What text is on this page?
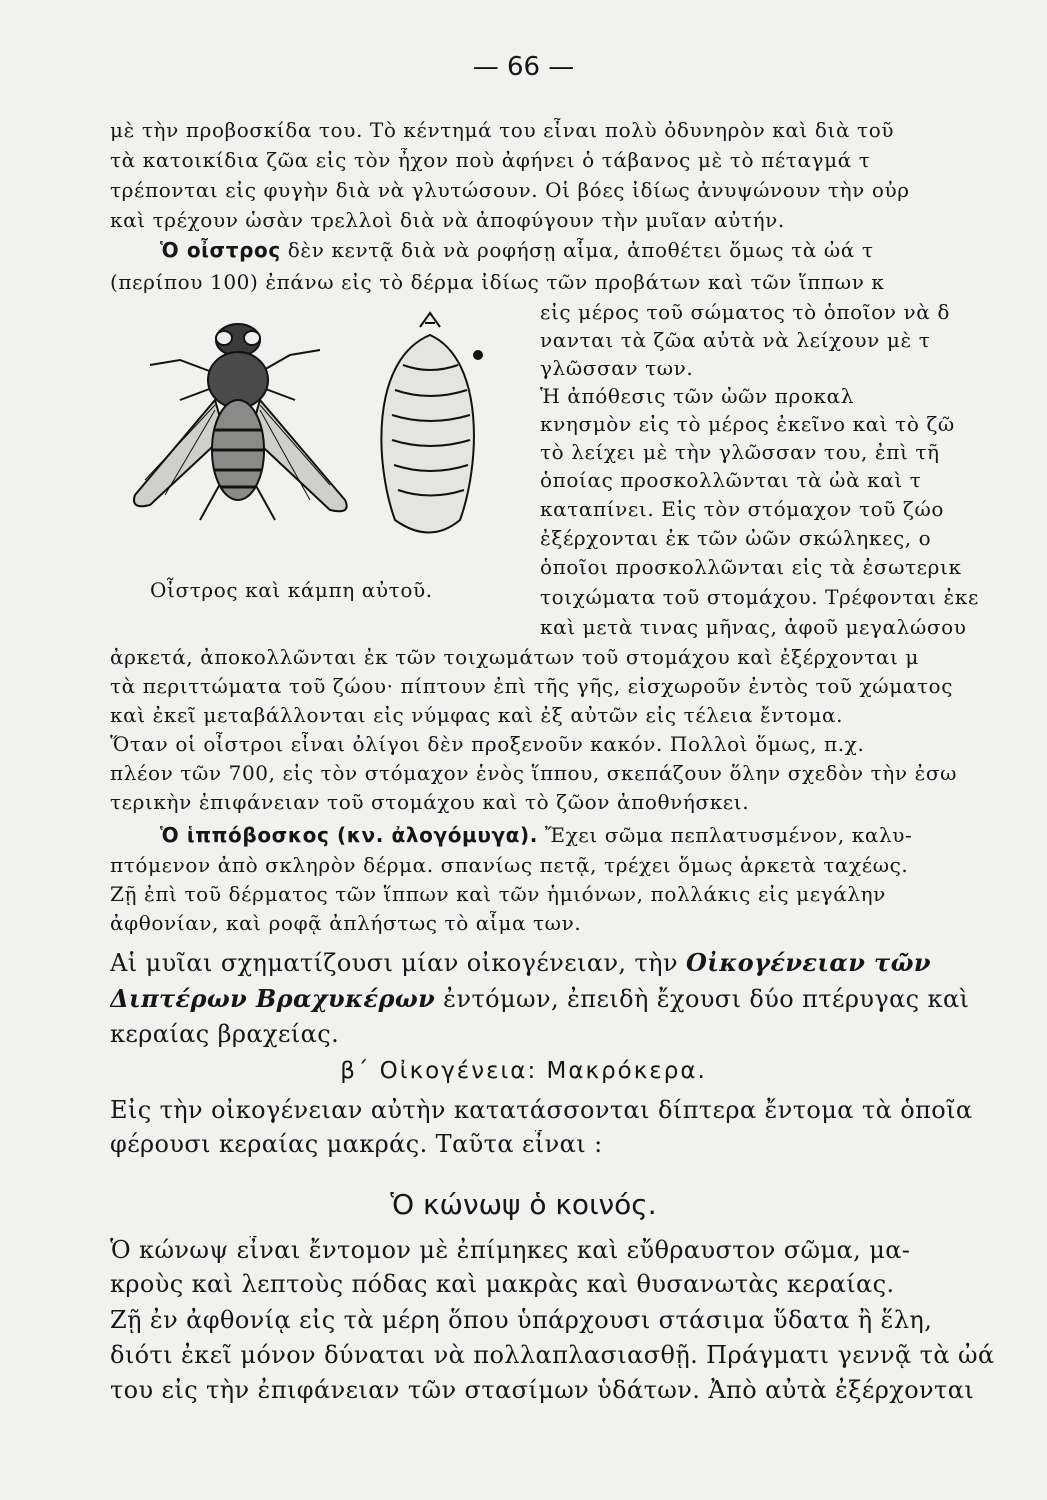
— 66 —
μὲ τὴν προβοσκίδα του. Τὸ κέντημά του εἶναι πολὺ ὀδυνηρὸν καὶ διὰ τοῦ
τὰ κατοικίδια ζῶα εἰς τὸν ἦχον ποὺ ἀφήνει ὁ τάβανος μὲ τὸ πέταγμά τ
τρέπονται εἰς φυγὴν διὰ νὰ γλυτώσουν. Οἱ βόες ἰδίως ἀνυψώνουν τὴν οὐρ
καὶ τρέχουν ὡσὰν τρελλοὶ διὰ νὰ ἀποφύγουν τὴν μυῖαν αὐτήν.
Ὁ οἶστρος δὲν κεντᾷ διὰ νὰ ροφήσῃ αἷμα, ἀποθέτει ὅμως τὰ ὠά τ
(περίπου 100) ἐπάνω εἰς τὸ δέρμα ἰδίως τῶν προβάτων καὶ τῶν ἵππων κ
Οἶστρος καὶ κάμπη αὐτοῦ.
εἰς μέρος τοῦ σώματος τὸ ὁποῖον νὰ δ
νανται τὰ ζῶα αὐτὰ νὰ λείχουν μὲ τ
γλῶσσαν των.
Ἡ ἀπόθεσις τῶν ὠῶν προκαλ
κνησμὸν εἰς τὸ μέρος ἐκεῖνο καὶ τὸ ζῶ
τὸ λείχει μὲ τὴν γλῶσσαν του, ἐπὶ τῆ
ὁποίας προσκολλῶνται τὰ ὠὰ καὶ τ
καταπίνει. Εἰς τὸν στόμαχον τοῦ ζώο
ἐξέρχονται ἐκ τῶν ὠῶν σκώληκες, ο
ὁποῖοι προσκολλῶνται εἰς τὰ ἐσωτερικ
τοιχώματα τοῦ στομάχου. Τρέφονται ἐκε
καὶ μετὰ τινας μῆνας, ἀφοῦ μεγαλώσου
ἀρκετά, ἀποκολλῶνται ἐκ τῶν τοιχωμάτων τοῦ στομάχου καὶ ἐξέρχονται μ
τὰ περιττώματα τοῦ ζώου· πίπτουν ἐπὶ τῆς γῆς, εἰσχωροῦν ἐντὸς τοῦ χώματος
καὶ ἐκεῖ μεταβάλλονται εἰς νύμφας καὶ ἐξ αὐτῶν εἰς τέλεια ἔντομα.
Ὅταν οἱ οἶστροι εἶναι ὀλίγοι δὲν προξενοῦν κακόν. Πολλοὶ ὅμως, π.χ.
πλέον τῶν 700, εἰς τὸν στόμαχον ἑνὸς ἵππου, σκεπάζουν ὅλην σχεδὸν τὴν ἐσω
τερικὴν ἐπιφάνειαν τοῦ στομάχου καὶ τὸ ζῶον ἀποθνήσκει.
Ὁ ἱππόβοσκος (κν. ἀλογόμυγα). Ἔχει σῶμα πεπλατυσμένον, καλυ-
πτόμενον ἀπὸ σκληρὸν δέρμα. σπανίως πετᾷ, τρέχει ὅμως ἀρκετὰ ταχέως.
Ζῇ ἐπὶ τοῦ δέρματος τῶν ἵππων καὶ τῶν ἡμιόνων, πολλάκις εἰς μεγάλην
ἀφθονίαν, καὶ ροφᾷ ἀπλήστως τὸ αἷμα των.
Αἱ μυῖαι σχηματίζουσι μίαν οἰκογένειαν, τὴν Οἰκογένειαν τῶν
Διπτέρων Βραχυκέρων ἐντόμων, ἐπειδὴ ἔχουσι δύο πτέρυγας καὶ
κεραίας βραχείας.
β΄ Οἰκογένεια: Μακρόκερα.
Εἰς τὴν οἰκογένειαν αὐτὴν κατατάσσονται δίπτερα ἔντομα τὰ ὁποῖα
φέρουσι κεραίας μακράς. Ταῦτα εἶναι :
Ὁ κώνωψ ὁ κοινός.
Ὁ κώνωψ εἶναι ἔντομον μὲ ἐπίμηκες καὶ εὔθραυστον σῶμα, μα-
κροὺς καὶ λεπτοὺς πόδας καὶ μακρὰς καὶ θυσανωτὰς κεραίας.
Ζῇ ἐν ἀφθονίᾳ εἰς τὰ μέρη ὅπου ὑπάρχουσι στάσιμα ὕδατα ἢ ἕλη,
διότι ἐκεῖ μόνον δύναται νὰ πολλαπλασιασθῇ. Πράγματι γεννᾷ τὰ ὠά
του εἰς τὴν ἐπιφάνειαν τῶν στασίμων ὑδάτων. Ἀπὸ αὐτὰ ἐξέρχονται
